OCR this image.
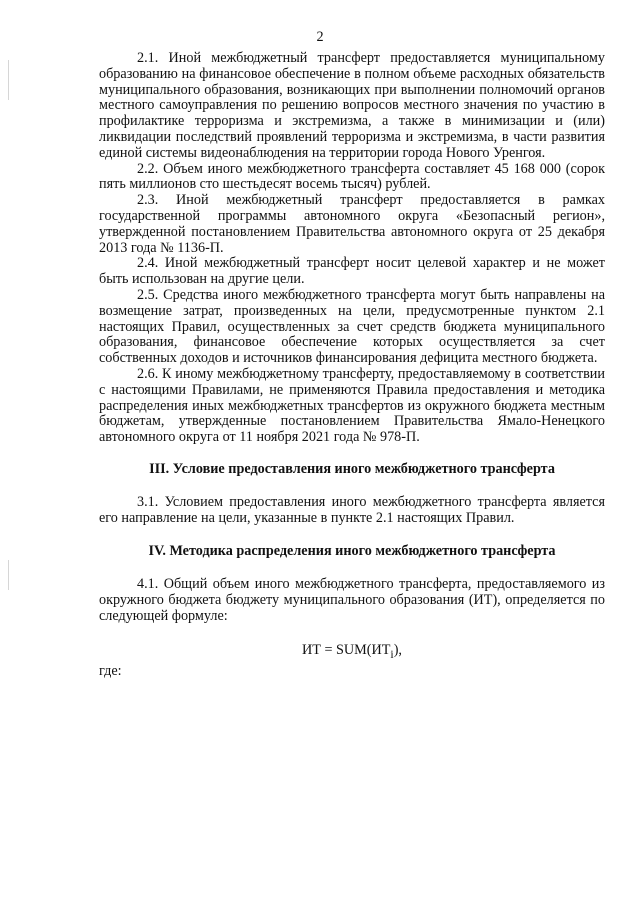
2

2.1. Иной межбюджетный трансферт предоставляется муниципальному образованию на финансовое обеспечение в полном объеме расходных обязательств муниципального образования, возникающих при выполнении полномочий органов местного самоуправления по решению вопросов местного значения по участию в профилактике терроризма и экстремизма, а также в минимизации и (или) ликвидации последствий проявлений терроризма и экстремизма, в части развития единой системы видеонаблюдения на территории города Нового Уренгоя.

2.2. Объем иного межбюджетного трансферта составляет 45 168 000 (сорок пять миллионов сто шестьдесят восемь тысяч) рублей.

2.3. Иной межбюджетный трансферт предоставляется в рамках государственной программы автономного округа «Безопасный регион», утвержденной постановлением Правительства автономного округа от 25 декабря 2013 года № 1136-П.

2.4. Иной межбюджетный трансферт носит целевой характер и не может быть использован на другие цели.

2.5. Средства иного межбюджетного трансферта могут быть направлены на возмещение затрат, произведенных на цели, предусмотренные пунктом 2.1 настоящих Правил, осуществленных за счет средств бюджета муниципального образования, финансовое обеспечение которых осуществляется за счет собственных доходов и источников финансирования дефицита местного бюджета.

2.6. К иному межбюджетному трансферту, предоставляемому в соответствии с настоящими Правилами, не применяются Правила предоставления и методика распределения иных межбюджетных трансфертов из окружного бюджета местным бюджетам, утвержденные постановлением Правительства Ямало-Ненецкого автономного округа от 11 ноября 2021 года № 978-П.

III. Условие предоставления иного межбюджетного трансферта

3.1. Условием предоставления иного межбюджетного трансферта является его направление на цели, указанные в пункте 2.1 настоящих Правил.

IV. Методика распределения иного межбюджетного трансферта

4.1. Общий объем иного межбюджетного трансферта, предоставляемого из окружного бюджета бюджету муниципального образования (ИТ), определяется по следующей формуле:

ИТ = $SUM(ИТ_i)$,

где:
